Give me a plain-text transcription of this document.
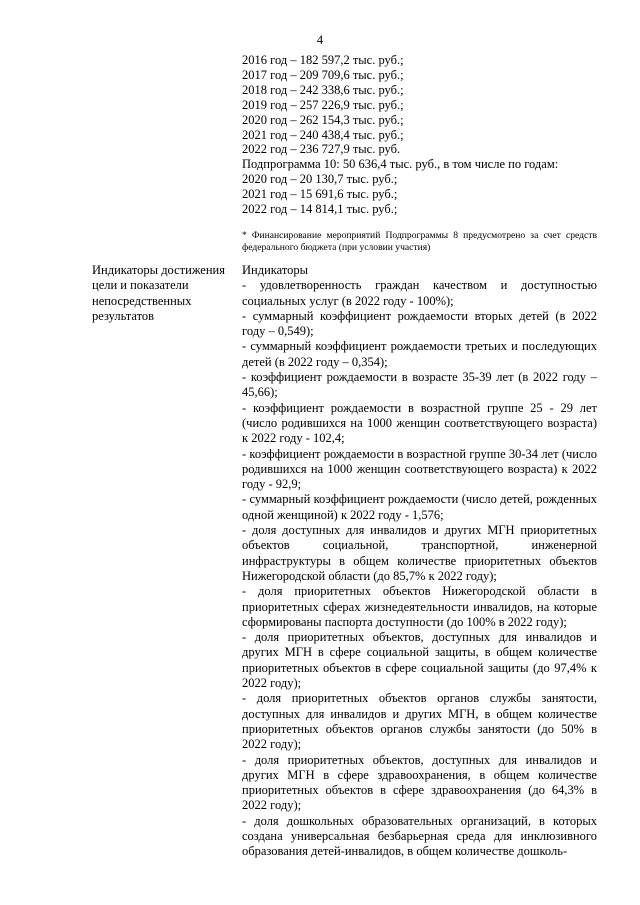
4
2016 год – 182 597,2 тыс. руб.;
2017 год – 209 709,6 тыс. руб.;
2018 год – 242 338,6 тыс. руб.;
2019 год – 257 226,9 тыс. руб.;
2020 год – 262 154,3 тыс. руб.;
2021 год – 240 438,4 тыс. руб.;
2022 год – 236 727,9 тыс. руб.
Подпрограмма 10: 50 636,4 тыс. руб., в том числе по годам:
2020 год – 20 130,7 тыс. руб.;
2021 год – 15 691,6 тыс. руб.;
2022 год – 14 814,1 тыс. руб.;
* Финансирование мероприятий Подпрограммы 8 предусмотрено за счет средств федерального бюджета (при условии участия)
Индикаторы достижения цели и показатели непосредственных результатов

Индикаторы

- удовлетворенность граждан качеством и доступностью социальных услуг (в 2022 году - 100%);

- суммарный коэффициент рождаемости вторых детей (в 2022 году – 0,549);

- суммарный коэффициент рождаемости третьих и последующих детей (в 2022 году – 0,354);

- коэффициент рождаемости в возрасте 35-39 лет (в 2022 году – 45,66);

- коэффициент рождаемости в возрастной группе 25 - 29 лет (число родившихся на 1000 женщин соответствующего возраста) к 2022 году - 102,4;

- коэффициент рождаемости в возрастной группе 30-34 лет (число родившихся на 1000 женщин соответствующего возраста) к 2022 году - 92,9;

- суммарный коэффициент рождаемости (число детей, рожденных одной женщиной) к 2022 году - 1,576;

- доля доступных для инвалидов и других МГН приоритетных объектов социальной, транспортной, инженерной инфраструктуры в общем количестве приоритетных объектов Нижегородской области (до 85,7% к 2022 году);

- доля приоритетных объектов Нижегородской области в приоритетных сферах жизнедеятельности инвалидов, на которые сформированы паспорта доступности (до 100% в 2022 году);

- доля приоритетных объектов, доступных для инвалидов и других МГН в сфере социальной защиты, в общем количестве приоритетных объектов в сфере социальной защиты (до 97,4% к 2022 году);

- доля приоритетных объектов органов службы занятости, доступных для инвалидов и других МГН, в общем количестве приоритетных объектов органов службы занятости (до 50% в 2022 году);

- доля приоритетных объектов, доступных для инвалидов и других МГН в сфере здравоохранения, в общем количестве приоритетных объектов в сфере здравоохранения (до 64,3% в 2022 году);

- доля дошкольных образовательных организаций, в которых создана универсальная безбарьерная среда для инклюзивного образования детей-инвалидов, в общем количестве дошколь-
